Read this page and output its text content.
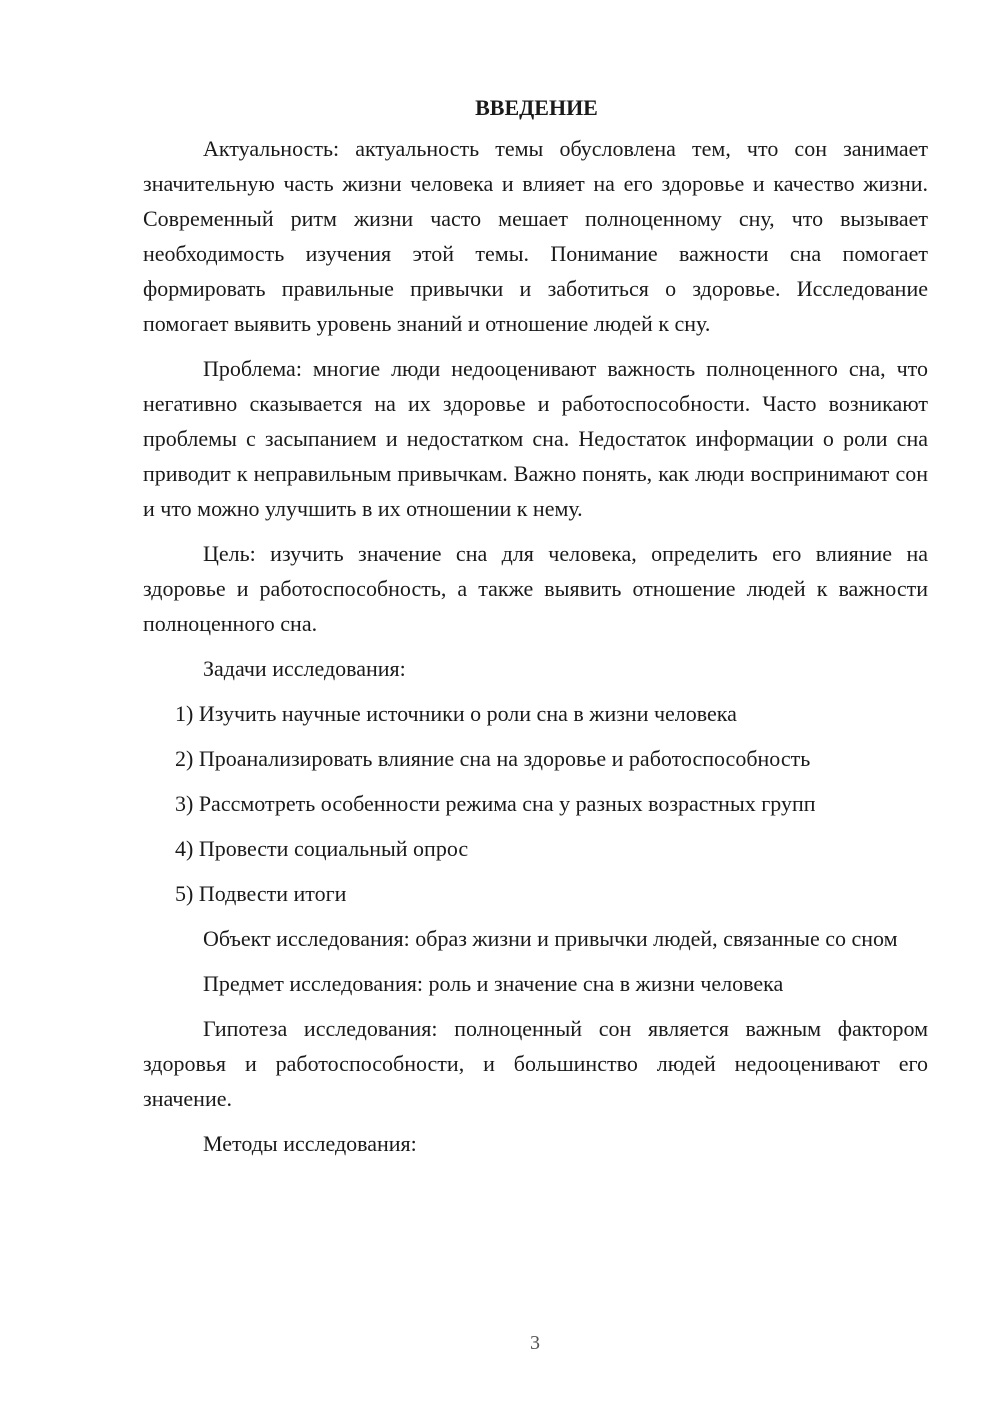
ВВЕДЕНИЕ

Актуальность: актуальность темы обусловлена тем, что сон занимает значительную часть жизни человека и влияет на его здоровье и качество жизни. Современный ритм жизни часто мешает полноценному сну, что вызывает необходимость изучения этой темы. Понимание важности сна помогает формировать правильные привычки и заботиться о здоровье. Исследование помогает выявить уровень знаний и отношение людей к сну.

Проблема: многие люди недооценивают важность полноценного сна, что негативно сказывается на их здоровье и работоспособности. Часто возникают проблемы с засыпанием и недостатком сна. Недостаток информации о роли сна приводит к неправильным привычкам. Важно понять, как люди воспринимают сон и что можно улучшить в их отношении к нему.

Цель: изучить значение сна для человека, определить его влияние на здоровье и работоспособность, а также выявить отношение людей к важности полноценного сна.

Задачи исследования:

1) Изучить научные источники о роли сна в жизни человека
2) Проанализировать влияние сна на здоровье и работоспособность
3) Рассмотреть особенности режима сна у разных возрастных групп
4) Провести социальный опрос
5) Подвести итоги

Объект исследования: образ жизни и привычки людей, связанные со сном

Предмет исследования: роль и значение сна в жизни человека

Гипотеза исследования: полноценный сон является важным фактором здоровья и работоспособности, и большинство людей недооценивают его значение.

Методы исследования:

3
